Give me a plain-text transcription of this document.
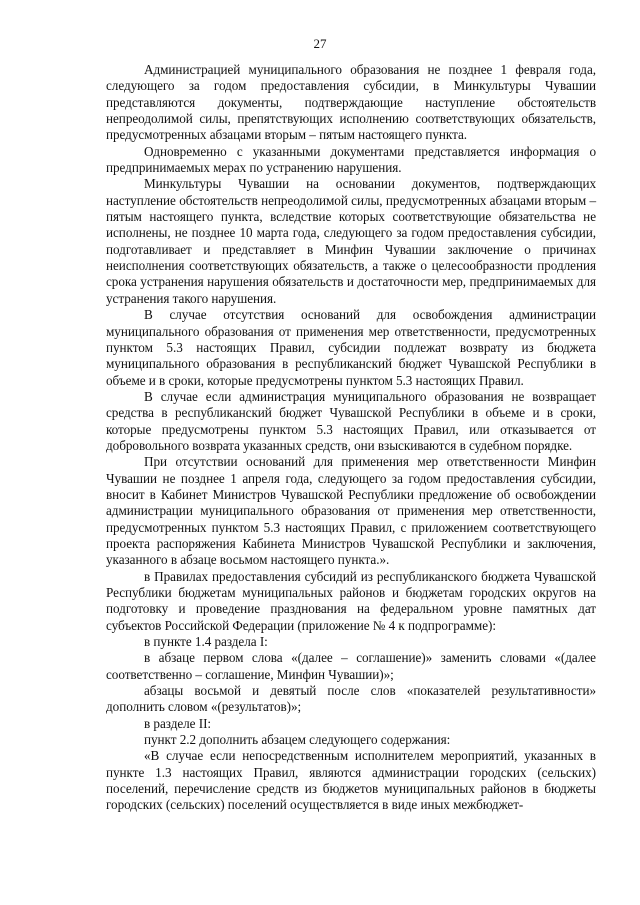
27

Администрацией муниципального образования не позднее 1 февраля года, следующего за годом предоставления субсидии, в Минкультуры Чувашии представляются документы, подтверждающие наступление обстоятельств непреодолимой силы, препятствующих исполнению соответствующих обязательств, предусмотренных абзацами вторым – пятым настоящего пункта.

Одновременно с указанными документами представляется информация о предпринимаемых мерах по устранению нарушения.

Минкультуры Чувашии на основании документов, подтверждающих наступление обстоятельств непреодолимой силы, предусмотренных абзацами вторым – пятым настоящего пункта, вследствие которых соответствующие обязательства не исполнены, не позднее 10 марта года, следующего за годом предоставления субсидии, подготавливает и представляет в Минфин Чувашии заключение о причинах неисполнения соответствующих обязательств, а также о целесообразности продления срока устранения нарушения обязательств и достаточности мер, предпринимаемых для устранения такого нарушения.

В случае отсутствия оснований для освобождения администрации муниципального образования от применения мер ответственности, предусмотренных пунктом 5.3 настоящих Правил, субсидии подлежат возврату из бюджета муниципального образования в республиканский бюджет Чувашской Республики в объеме и в сроки, которые предусмотрены пунктом 5.3 настоящих Правил.

В случае если администрация муниципального образования не возвращает средства в республиканский бюджет Чувашской Республики в объеме и в сроки, которые предусмотрены пунктом 5.3 настоящих Правил, или отказывается от добровольного возврата указанных средств, они взыскиваются в судебном порядке.

При отсутствии оснований для применения мер ответственности Минфин Чувашии не позднее 1 апреля года, следующего за годом предоставления субсидии, вносит в Кабинет Министров Чувашской Республики предложение об освобождении администрации муниципального образования от применения мер ответственности, предусмотренных пунктом 5.3 настоящих Правил, с приложением соответствующего проекта распоряжения Кабинета Министров Чувашской Республики и заключения, указанного в абзаце восьмом настоящего пункта.».

в Правилах предоставления субсидий из республиканского бюджета Чувашской Республики бюджетам муниципальных районов и бюджетам городских округов на подготовку и проведение празднования на федеральном уровне памятных дат субъектов Российской Федерации (приложение № 4 к подпрограмме):

в пункте 1.4 раздела I:

в абзаце первом слова «(далее – соглашение)» заменить словами «(далее соответственно – соглашение, Минфин Чувашии)»;

абзацы восьмой и девятый после слов «показателей результативности» дополнить словом «(результатов)»;

в разделе II:

пункт 2.2 дополнить абзацем следующего содержания:

«В случае если непосредственным исполнителем мероприятий, указанных в пункте 1.3 настоящих Правил, являются администрации городских (сельских) поселений, перечисление средств из бюджетов муниципальных районов в бюджеты городских (сельских) поселений осуществляется в виде иных межбюджет-
